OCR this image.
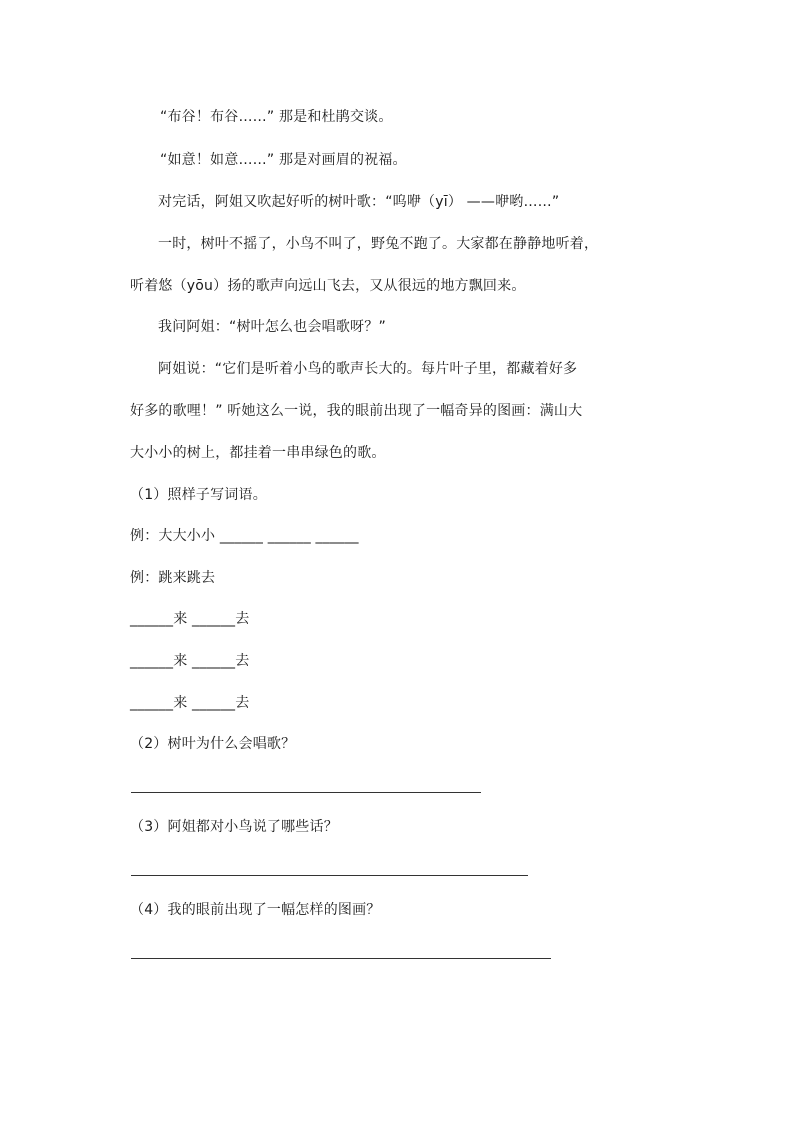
“布谷！布谷……” 那是和杜鹃交谈。
“如意！如意……” 那是对画眉的祝福。
对完话，阿姐又吹起好听的树叶歌：“呜咿（yī） ——咿哟……”
一时，树叶不摇了，小鸟不叫了，野兔不跑了。大家都在静静地听着，
听着悠（yōu）扬的歌声向远山飞去，又从很远的地方飘回来。
我问阿姐：“树叶怎么也会唱歌呀？”
阿姐说：“它们是听着小鸟的歌声长大的。每片叶子里，都藏着好多
好多的歌哩！” 听她这么一说，我的眼前出现了一幅奇异的图画：满山大
大小小的树上，都挂着一串串绿色的歌。
（1）照样子写词语。
例：大大小小 ______ ______ ______
例：跳来跳去
______来 ______去
______来 ______去
______来 ______去
（2）树叶为什么会唱歌？
（3）阿姐都对小鸟说了哪些话？
（4）我的眼前出现了一幅怎样的图画？
